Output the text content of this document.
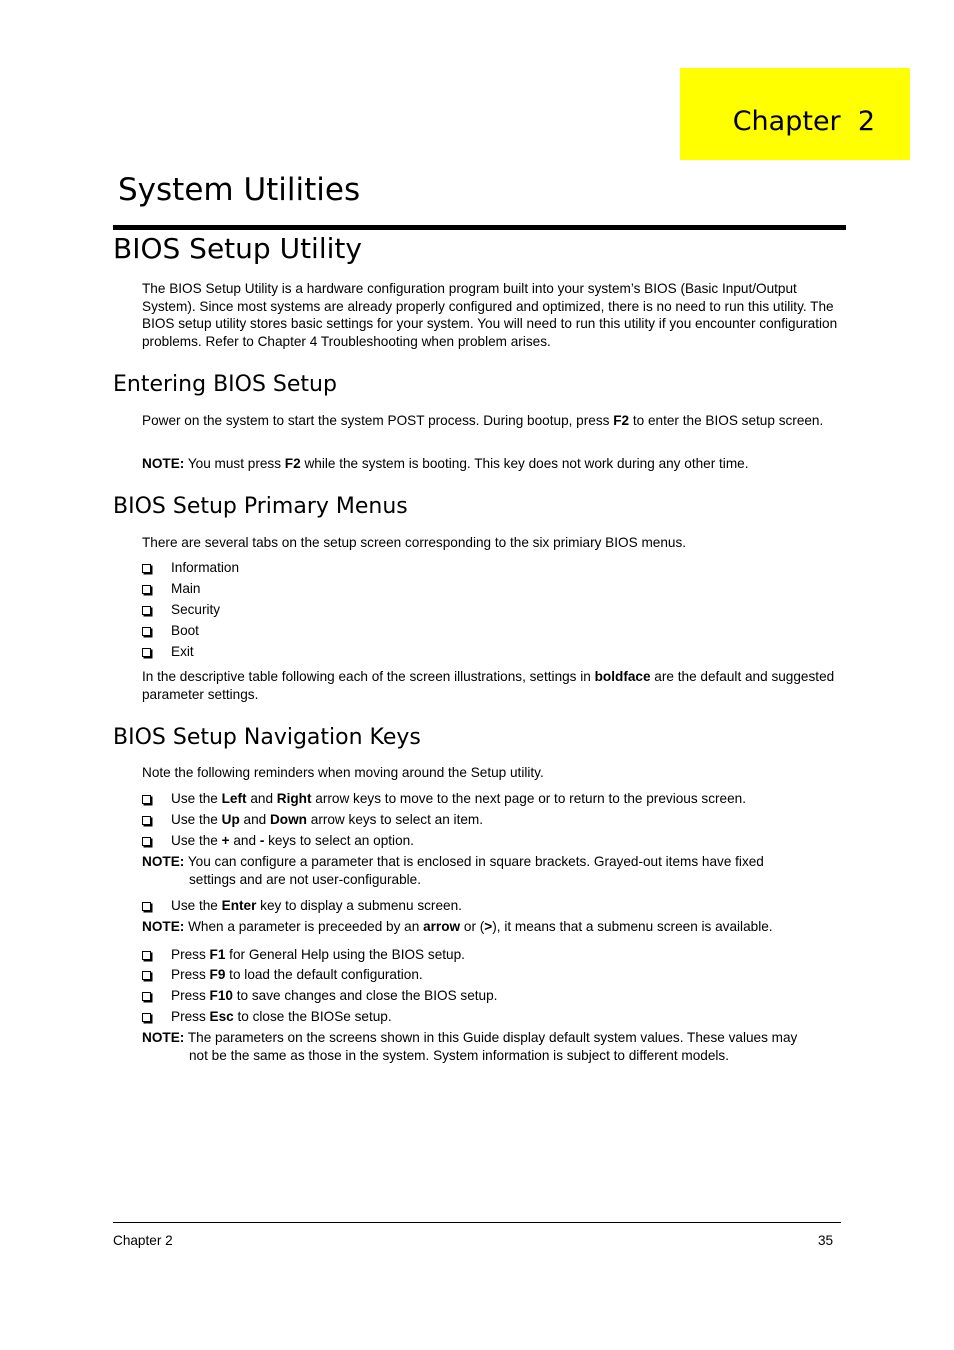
Chapter  2
System Utilities
BIOS Setup Utility

The BIOS Setup Utility is a hardware configuration program built into your system’s BIOS (Basic Input/Output System). Since most systems are already properly configured and optimized, there is no need to run this utility. The BIOS setup utility stores basic settings for your system. You will need to run this utility if you encounter configuration problems. Refer to Chapter 4 Troubleshooting when problem arises.

Entering BIOS Setup

Power on the system to start the system POST process. During bootup, press F2 to enter the BIOS setup screen.

NOTE: You must press F2 while the system is booting. This key does not work during any other time.
BIOS Setup Primary Menus

There are several tabs on the setup screen corresponding to the six primiary BIOS menus.

Information
Main
Security
Boot
Exit

In the descriptive table following each of the screen illustrations, settings in boldface are the default and suggested parameter settings.

BIOS Setup Navigation Keys

Note the following reminders when moving around the Setup utility.

Use the Left and Right arrow keys to move to the next page or to return to the previous screen.
Use the Up and Down arrow keys to select an item.
Use the + and - keys to select an option.
NOTE: You can configure a parameter that is enclosed in square brackets. Grayed-out items have fixed
settings and are not user-configurable.
Use the Enter key to display a submenu screen.
NOTE: When a parameter is preceeded by an arrow or (>), it means that a submenu screen is available.
Press F1 for General Help using the BIOS setup.
Press F9 to load the default configuration.
Press F10 to save changes and close the BIOS setup.
Press Esc to close the BIOSe setup.
NOTE: The parameters on the screens shown in this Guide display default system values. These values may
not be the same as those in the system. System information is subject to different models.
Chapter 2	35
